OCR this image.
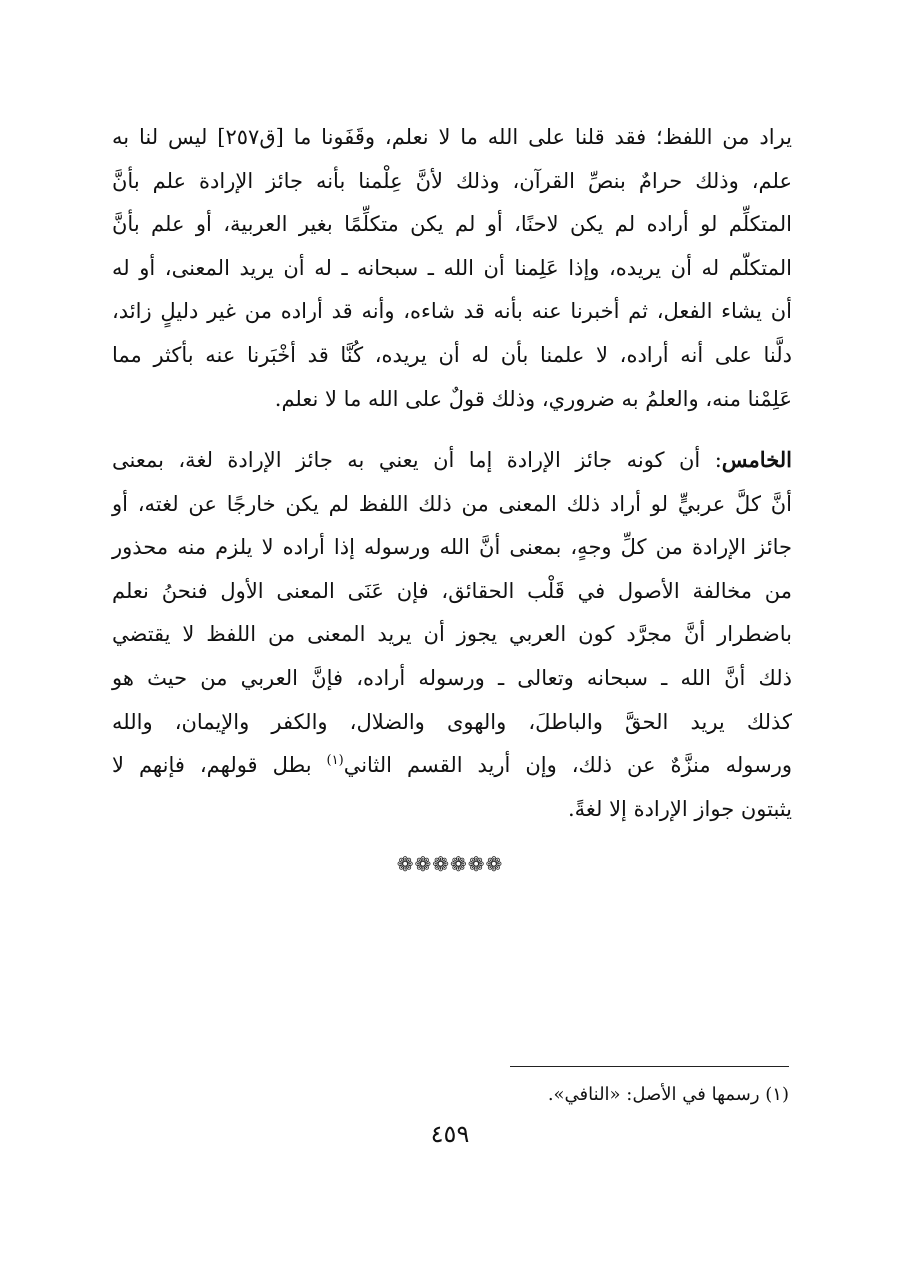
يراد من اللفظ؛ فقد قلنا على الله ما لا نعلم، وقَفَونا ما [ق٢٥٧] ليس لنا به
علم، وذلك حرامٌ بنصِّ القرآن، وذلك لأنَّ عِلْمنا بأنه جائز الإرادة علم بأنَّ
المتكلِّم لو أراده لم يكن لاحنًا، أو لم يكن متكلِّمًا بغير العربية، أو علم بأنَّ
المتكلّم له أن يريده، وإذا عَلِمنا أن الله ـ سبحانه ـ له أن يريد المعنى، أو له
أن يشاء الفعل، ثم أخبرنا عنه بأنه قد شاءه، وأنه قد أراده من غير دليلٍ زائد،
دلَّنا على أنه أراده، لا علمنا بأن له أن يريده، كُنَّا قد أخْبَرنا عنه بأكثر مما
عَلِمْنا منه، والعلمُ به ضروري، وذلك قولٌ على الله ما لا نعلم.
الخامس: أن كونه جائز الإرادة إما أن يعني به جائز الإرادة لغة، بمعنى
أنَّ كلَّ عربيٍّ لو أراد ذلك المعنى من ذلك اللفظ لم يكن خارجًا عن لغته، أو
جائز الإرادة من كلِّ وجهٍ، بمعنى أنَّ الله ورسوله إذا أراده لا يلزم منه محذور
من مخالفة الأصول في قَلْب الحقائق، فإن عَنَى المعنى الأول فنحنُ نعلم
باضطرار أنَّ مجرَّد كون العربي يجوز أن يريد المعنى من اللفظ لا يقتضي
ذلك أنَّ الله ـ سبحانه وتعالى ـ ورسوله أراده، فإنَّ العربي من حيث هو
كذلك يريد الحقَّ والباطلَ، والهوى والضلال، والكفر والإيمان، والله
ورسوله منزَّهٌ عن ذلك، وإن أريد القسم الثاني$^{(١)}$ بطل قولهم، فإنهم لا
يثبتون جواز الإرادة إلا لغةً.
❁❁❁❁❁❁
(١) رسمها في الأصل: «النافي».
٤٥٩
